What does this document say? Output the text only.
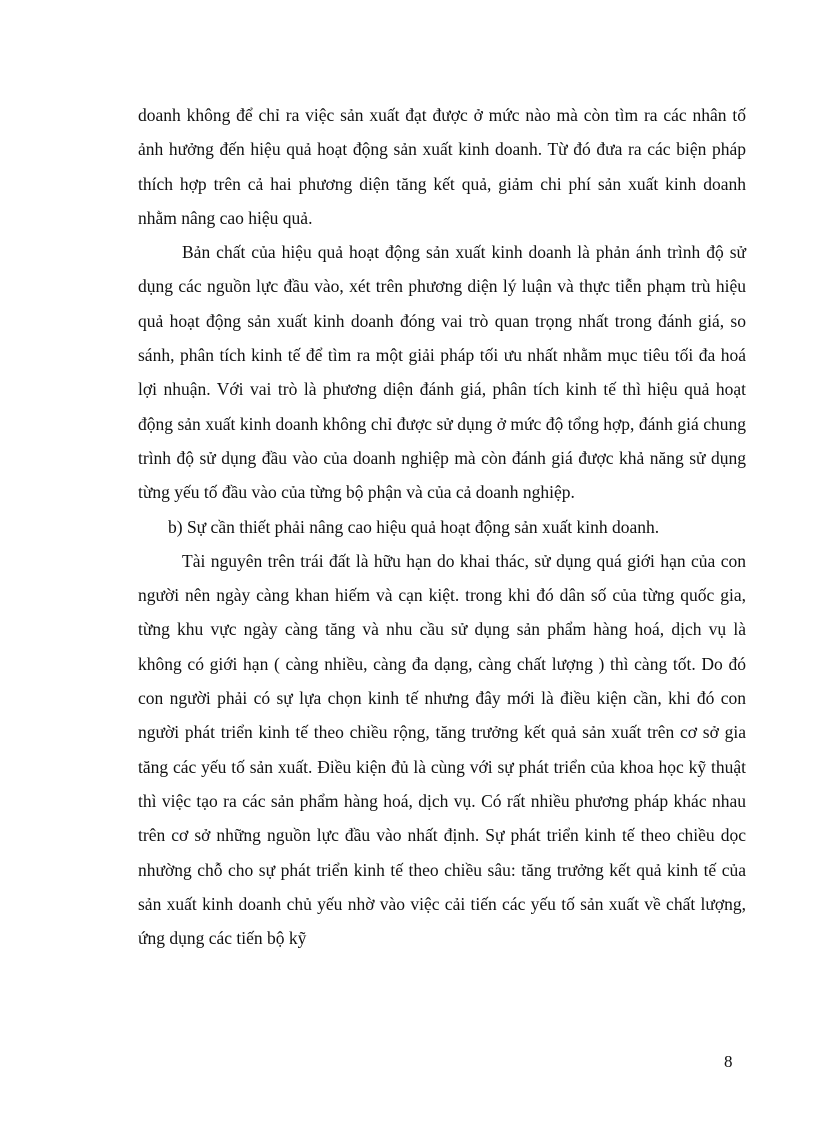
doanh không để chỉ ra việc sản xuất đạt được ở mức nào mà còn tìm ra các nhân tố ảnh hưởng đến hiệu quả hoạt động sản xuất kinh doanh. Từ đó đưa ra các biện pháp thích hợp trên cả hai phương diện tăng kết quả, giảm chi phí sản xuất kinh doanh nhằm nâng cao hiệu quả.

Bản chất của hiệu quả hoạt động sản xuất kinh doanh là phản ánh trình độ sử dụng các nguồn lực đầu vào, xét trên phương diện lý luận và thực tiễn phạm trù hiệu quả hoạt động sản xuất kinh doanh đóng vai trò quan trọng nhất trong đánh giá, so sánh, phân tích kinh tế để tìm ra một giải pháp tối ưu nhất nhằm mục tiêu tối đa hoá lợi nhuận. Với vai trò là phương diện đánh giá, phân tích kinh tế thì hiệu quả hoạt động sản xuất kinh doanh không chỉ được sử dụng ở mức độ tổng hợp, đánh giá chung trình độ sử dụng đầu vào của doanh nghiệp mà còn đánh giá được khả năng sử dụng từng yếu tố đầu vào của từng bộ phận và của cả doanh nghiệp.

b) Sự cần thiết phải nâng cao hiệu quả hoạt động sản xuất kinh doanh.

Tài nguyên trên trái đất là hữu hạn do khai thác, sử dụng quá giới hạn của con người nên ngày càng khan hiếm và cạn kiệt. trong khi đó dân số của từng quốc gia, từng khu vực ngày càng tăng và nhu cầu sử dụng sản phẩm hàng hoá, dịch vụ là không có giới hạn ( càng nhiều, càng đa dạng, càng chất lượng ) thì càng tốt. Do đó con người phải có sự lựa chọn kinh tế nhưng đây mới là điều kiện cần, khi đó con người phát triển kinh tế theo chiều rộng, tăng trưởng kết quả sản xuất trên cơ sở gia tăng các yếu tố sản xuất. Điều kiện đủ là cùng với sự phát triển của khoa học kỹ thuật thì việc tạo ra các sản phẩm hàng hoá, dịch vụ. Có rất nhiều phương pháp khác nhau trên cơ sở những nguồn lực đầu vào nhất định. Sự phát triển kinh tế theo chiều dọc nhường chỗ cho sự phát triển kinh tế theo chiều sâu: tăng trưởng kết quả kinh tế của sản xuất kinh doanh chủ yếu nhờ vào việc cải tiến các yếu tố sản xuất về chất lượng, ứng dụng các tiến bộ kỹ

8
